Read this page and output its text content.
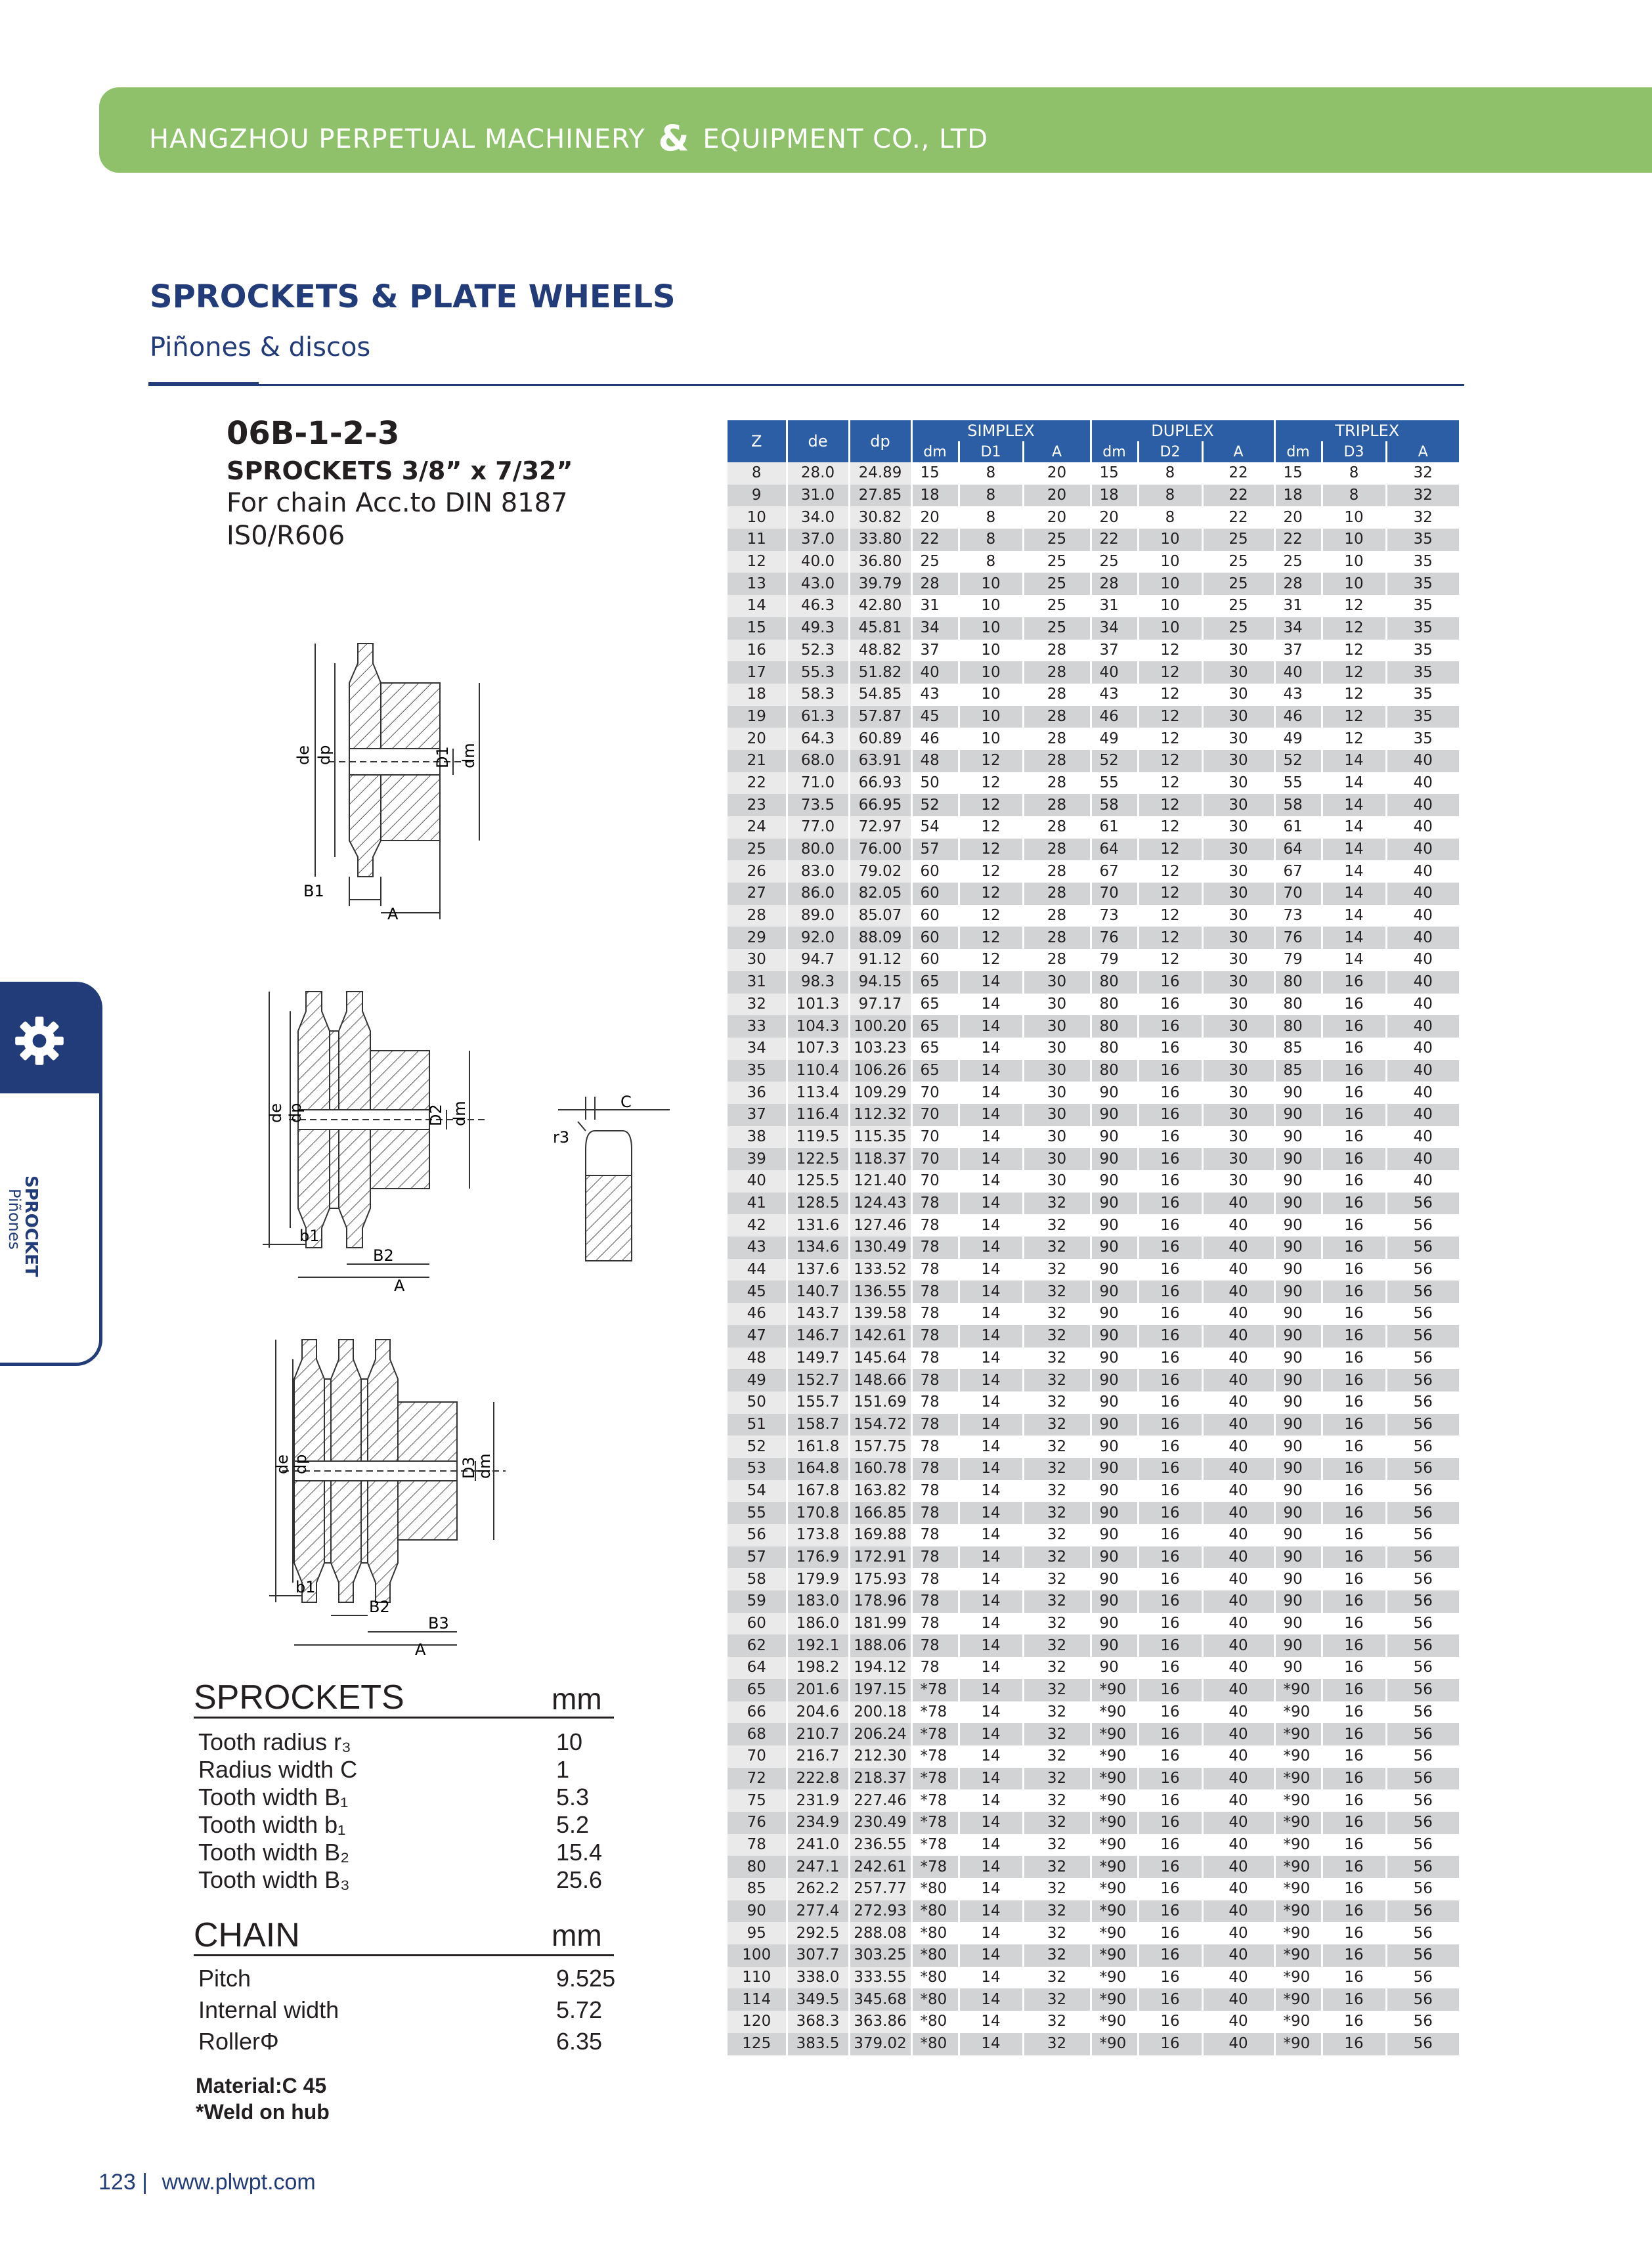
HANGZHOU PERPETUAL MACHINERY & EQUIPMENT CO., LTD
SPROCKETS & PLATE WHEELS
Piñones & discos
06B-1-2-3
SPROCKETS 3/8” x 7/32”
For chain Acc.to DIN 8187
IS0/R606
SPROCKET
Piñones
de dp	D1 dm
B1
A
de dp	D2 dm
b1
B2
A
C
r3
de dp	D3
dm
b1
B2
B3
A
Z	de	dp	SIMPLEX			DUPLEX			TRIPLEX		
			dm	D1	A	dm	D2	A	dm	D3	A
8	28.0	24.89	15	8	20	15	8	22	15	8	32
9	31.0	27.85	18	8	20	18	8	22	18	8	32
10	34.0	30.82	20	8	20	20	8	22	20	10	32
11	37.0	33.80	22	8	25	22	10	25	22	10	35
12	40.0	36.80	25	8	25	25	10	25	25	10	35
13	43.0	39.79	28	10	25	28	10	25	28	10	35
14	46.3	42.80	31	10	25	31	10	25	31	12	35
15	49.3	45.81	34	10	25	34	10	25	34	12	35
16	52.3	48.82	37	10	28	37	12	30	37	12	35
17	55.3	51.82	40	10	28	40	12	30	40	12	35
18	58.3	54.85	43	10	28	43	12	30	43	12	35
19	61.3	57.87	45	10	28	46	12	30	46	12	35
20	64.3	60.89	46	10	28	49	12	30	49	12	35
21	68.0	63.91	48	12	28	52	12	30	52	14	40
22	71.0	66.93	50	12	28	55	12	30	55	14	40
23	73.5	66.95	52	12	28	58	12	30	58	14	40
24	77.0	72.97	54	12	28	61	12	30	61	14	40
25	80.0	76.00	57	12	28	64	12	30	64	14	40
26	83.0	79.02	60	12	28	67	12	30	67	14	40
27	86.0	82.05	60	12	28	70	12	30	70	14	40
28	89.0	85.07	60	12	28	73	12	30	73	14	40
29	92.0	88.09	60	12	28	76	12	30	76	14	40
30	94.7	91.12	60	12	28	79	12	30	79	14	40
31	98.3	94.15	65	14	30	80	16	30	80	16	40
32	101.3	97.17	65	14	30	80	16	30	80	16	40
33	104.3	100.20	65	14	30	80	16	30	80	16	40
34	107.3	103.23	65	14	30	80	16	30	85	16	40
35	110.4	106.26	65	14	30	80	16	30	85	16	40
36	113.4	109.29	70	14	30	90	16	30	90	16	40
37	116.4	112.32	70	14	30	90	16	30	90	16	40
38	119.5	115.35	70	14	30	90	16	30	90	16	40
39	122.5	118.37	70	14	30	90	16	30	90	16	40
40	125.5	121.40	70	14	30	90	16	30	90	16	40
41	128.5	124.43	78	14	32	90	16	40	90	16	56
42	131.6	127.46	78	14	32	90	16	40	90	16	56
43	134.6	130.49	78	14	32	90	16	40	90	16	56
44	137.6	133.52	78	14	32	90	16	40	90	16	56
45	140.7	136.55	78	14	32	90	16	40	90	16	56
46	143.7	139.58	78	14	32	90	16	40	90	16	56
47	146.7	142.61	78	14	32	90	16	40	90	16	56
48	149.7	145.64	78	14	32	90	16	40	90	16	56
49	152.7	148.66	78	14	32	90	16	40	90	16	56
50	155.7	151.69	78	14	32	90	16	40	90	16	56
51	158.7	154.72	78	14	32	90	16	40	90	16	56
52	161.8	157.75	78	14	32	90	16	40	90	16	56
53	164.8	160.78	78	14	32	90	16	40	90	16	56
54	167.8	163.82	78	14	32	90	16	40	90	16	56
55	170.8	166.85	78	14	32	90	16	40	90	16	56
56	173.8	169.88	78	14	32	90	16	40	90	16	56
57	176.9	172.91	78	14	32	90	16	40	90	16	56
58	179.9	175.93	78	14	32	90	16	40	90	16	56
59	183.0	178.96	78	14	32	90	16	40	90	16	56
60	186.0	181.99	78	14	32	90	16	40	90	16	56
62	192.1	188.06	78	14	32	90	16	40	90	16	56
64	198.2	194.12	78	14	32	90	16	40	90	16	56
65	201.6	197.15	*78	14	32	*90	16	40	*90	16	56
66	204.6	200.18	*78	14	32	*90	16	40	*90	16	56
68	210.7	206.24	*78	14	32	*90	16	40	*90	16	56
70	216.7	212.30	*78	14	32	*90	16	40	*90	16	56
72	222.8	218.37	*78	14	32	*90	16	40	*90	16	56
75	231.9	227.46	*78	14	32	*90	16	40	*90	16	56
76	234.9	230.49	*78	14	32	*90	16	40	*90	16	56
78	241.0	236.55	*78	14	32	*90	16	40	*90	16	56
80	247.1	242.61	*78	14	32	*90	16	40	*90	16	56
85	262.2	257.77	*80	14	32	*90	16	40	*90	16	56
90	277.4	272.93	*80	14	32	*90	16	40	*90	16	56
95	292.5	288.08	*80	14	32	*90	16	40	*90	16	56
100	307.7	303.25	*80	14	32	*90	16	40	*90	16	56
110	338.0	333.55	*80	14	32	*90	16	40	*90	16	56
114	349.5	345.68	*80	14	32	*90	16	40	*90	16	56
120	368.3	363.86	*80	14	32	*90	16	40	*90	16	56
125	383.5	379.02	*80	14	32	*90	16	40	*90	16	56
SPROCKETS	mm
Tooth radius r₃	10
Radius width C	1
Tooth width B₁	5.3
Tooth width b₁	5.2
Tooth width B₂	15.4
Tooth width B₃	25.6
CHAIN	mm
Pitch	9.525
Internal width	5.72
RollerΦ	6.35
Material:C 45
*Weld on hub
123 | www.plwpt.com
